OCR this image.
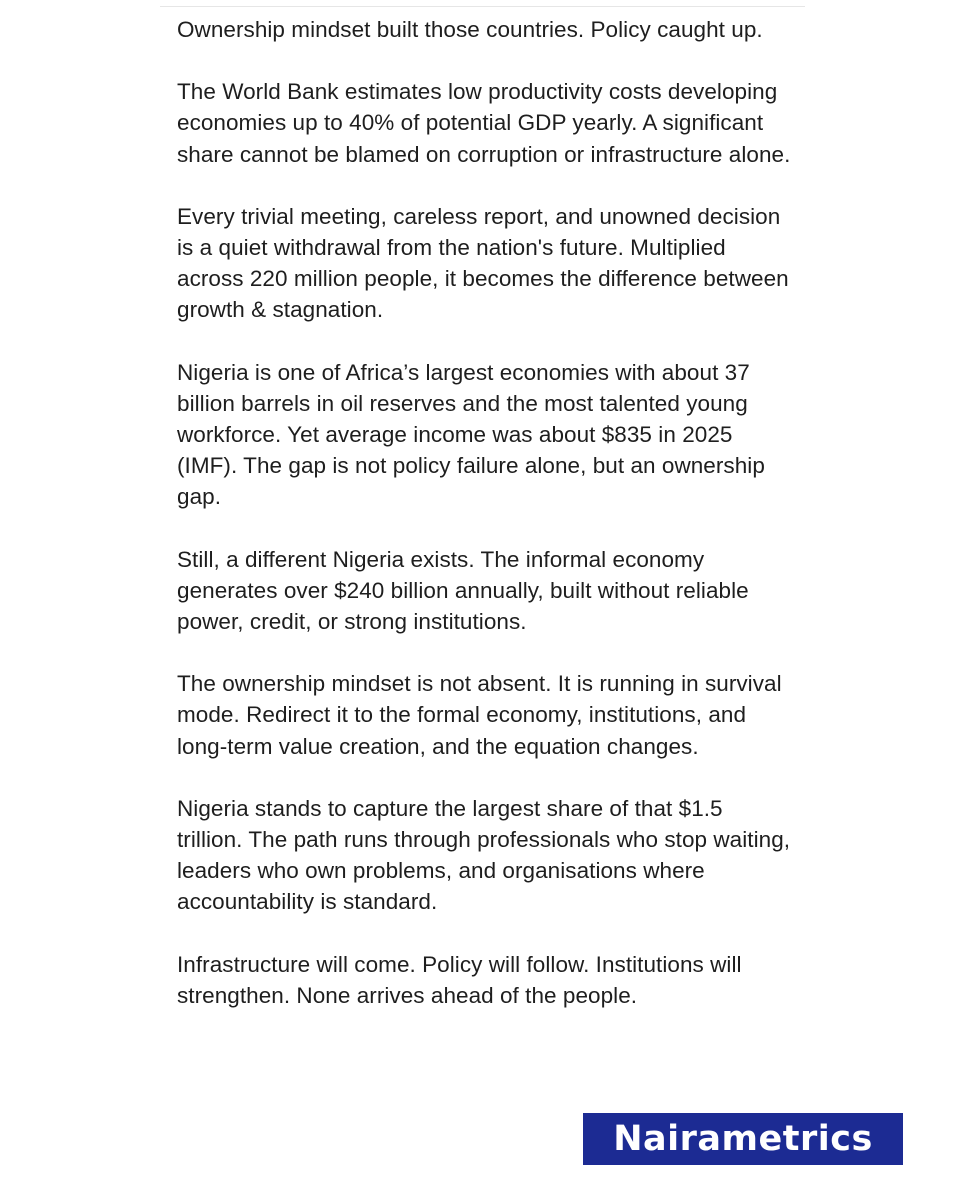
Ownership mindset built those countries. Policy caught up.

The World Bank estimates low productivity costs developing economies up to 40% of potential GDP yearly. A significant share cannot be blamed on corruption or infrastructure alone.

Every trivial meeting, careless report, and unowned decision is a quiet withdrawal from the nation's future. Multiplied across 220 million people, it becomes the difference between growth & stagnation.

Nigeria is one of Africa’s largest economies with about 37 billion barrels in oil reserves and the most talented young workforce. Yet average income was about $835 in 2025 (IMF). The gap is not policy failure alone, but an ownership gap.

Still, a different Nigeria exists. The informal economy generates over $240 billion annually, built without reliable power, credit, or strong institutions.

The ownership mindset is not absent. It is running in survival mode. Redirect it to the formal economy, institutions, and long-term value creation, and the equation changes.

Nigeria stands to capture the largest share of that $1.5 trillion. The path runs through professionals who stop waiting, leaders who own problems, and organisations where accountability is standard.

Infrastructure will come. Policy will follow. Institutions will strengthen. None arrives ahead of the people.

Nairametrics
